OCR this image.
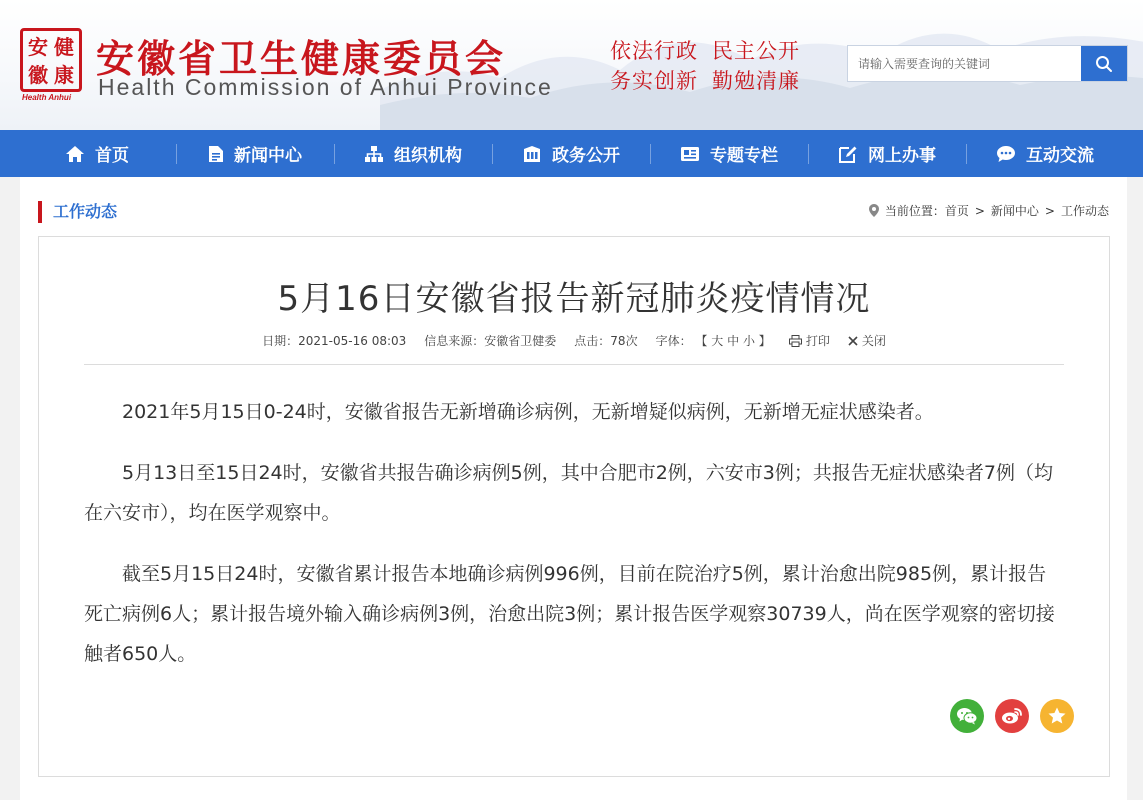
安 健
徽 康
Health Anhui
安徽省卫生健康委员会
Health Commission of Anhui Province
依法行政 民主公开
务实创新 勤勉清廉
请输入需要查询的关键词
首页	新闻中心	组织机构	政务公开	专题专栏	网上办事	互动交流
工作动态	当前位置： 首页 > 新闻中心 > 工作动态
5月16日安徽省报告新冠肺炎疫情情况
日期：2021-05-16 08:03 信息来源：安徽省卫健委 点击：78次 字体： 【 大 中 小 】	打印	关闭

2021年5月15日0-24时，安徽省报告无新增确诊病例，无新增疑似病例，无新增无症状感染者。

5月13日至15日24时，安徽省共报告确诊病例5例，其中合肥市2例，六安市3例；共报告无症状感染者7例（均在六安市），均在医学观察中。

截至5月15日24时，安徽省累计报告本地确诊病例996例，目前在院治疗5例，累计治愈出院985例，累计报告死亡病例6人；累计报告境外输入确诊病例3例，治愈出院3例；累计报告医学观察30739人，尚在医学观察的密切接触者650人。
